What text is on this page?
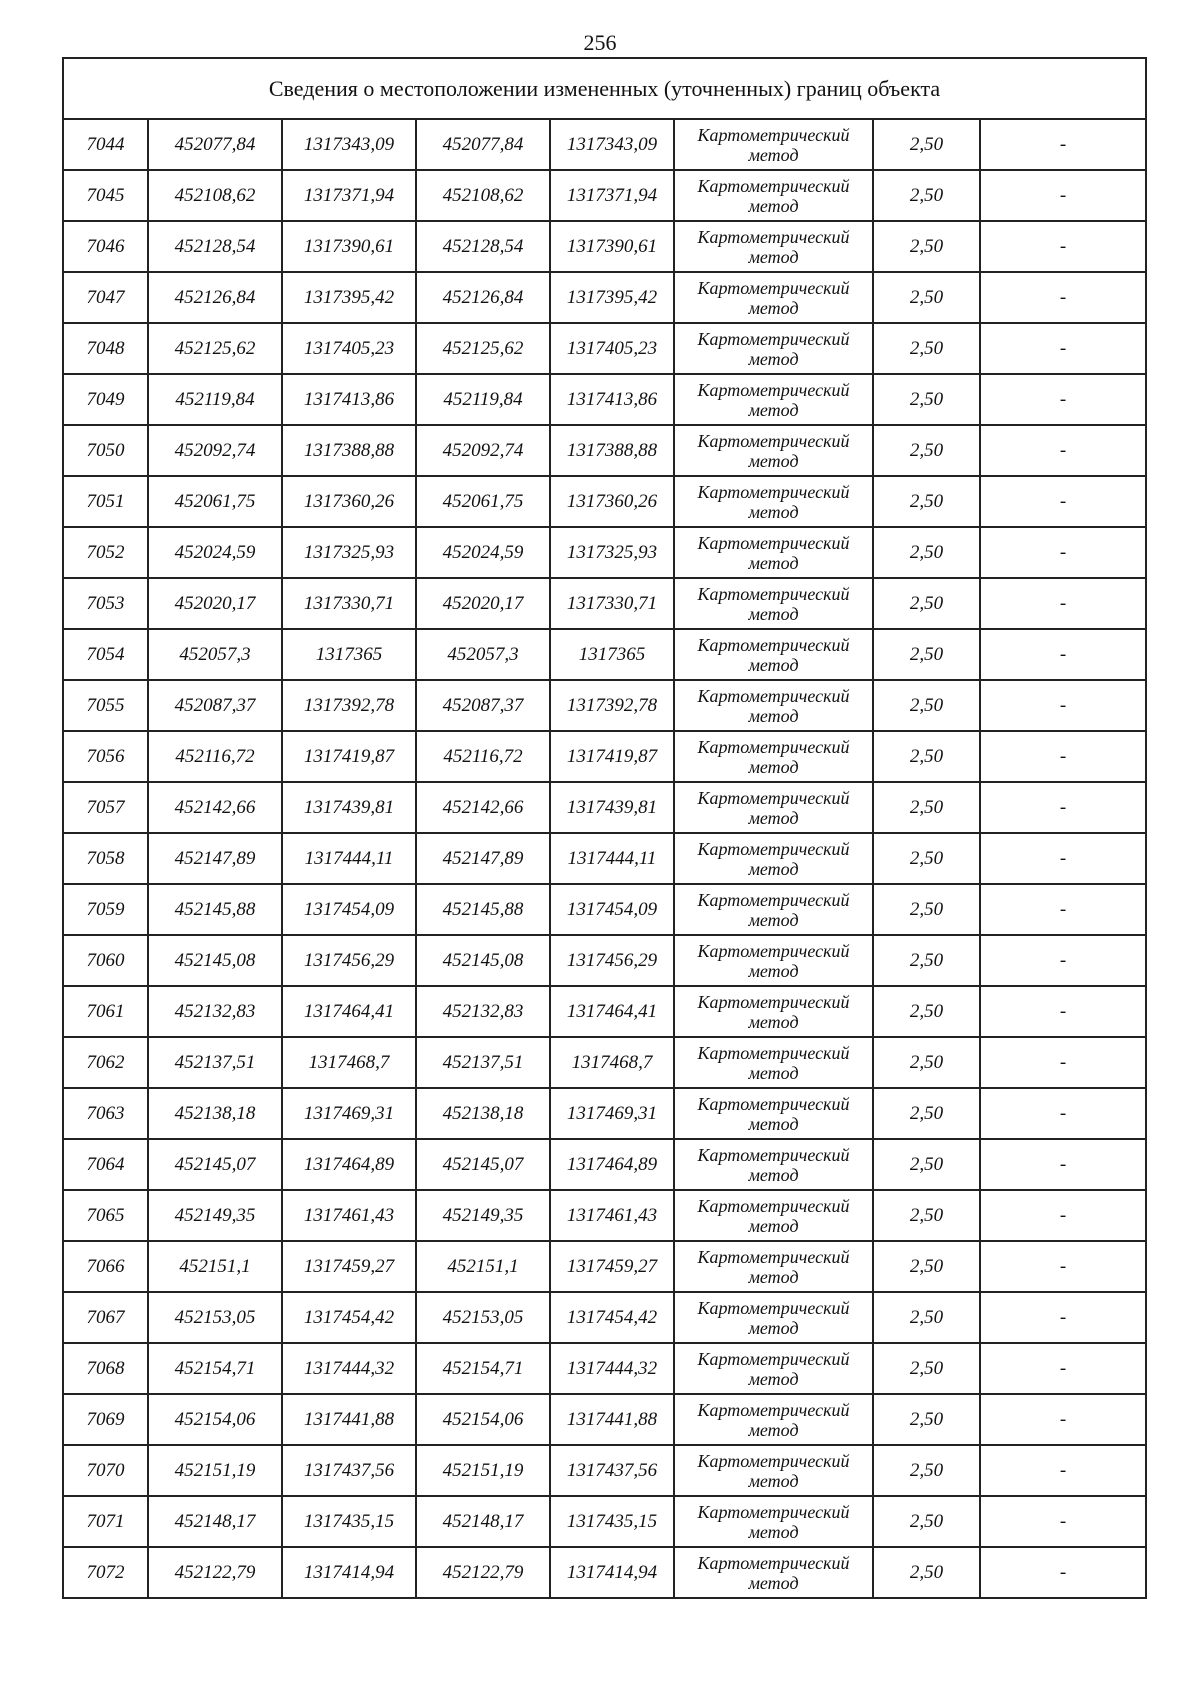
256
Сведения о местоположении измененных (уточненных) границ объекта							
7044	452077,84	1317343,09	452077,84	1317343,09	Картометрический метод	2,50	-
7045	452108,62	1317371,94	452108,62	1317371,94	Картометрический метод	2,50	-
7046	452128,54	1317390,61	452128,54	1317390,61	Картометрический метод	2,50	-
7047	452126,84	1317395,42	452126,84	1317395,42	Картометрический метод	2,50	-
7048	452125,62	1317405,23	452125,62	1317405,23	Картометрический метод	2,50	-
7049	452119,84	1317413,86	452119,84	1317413,86	Картометрический метод	2,50	-
7050	452092,74	1317388,88	452092,74	1317388,88	Картометрический метод	2,50	-
7051	452061,75	1317360,26	452061,75	1317360,26	Картометрический метод	2,50	-
7052	452024,59	1317325,93	452024,59	1317325,93	Картометрический метод	2,50	-
7053	452020,17	1317330,71	452020,17	1317330,71	Картометрический метод	2,50	-
7054	452057,3	1317365	452057,3	1317365	Картометрический метод	2,50	-
7055	452087,37	1317392,78	452087,37	1317392,78	Картометрический метод	2,50	-
7056	452116,72	1317419,87	452116,72	1317419,87	Картометрический метод	2,50	-
7057	452142,66	1317439,81	452142,66	1317439,81	Картометрический метод	2,50	-
7058	452147,89	1317444,11	452147,89	1317444,11	Картометрический метод	2,50	-
7059	452145,88	1317454,09	452145,88	1317454,09	Картометрический метод	2,50	-
7060	452145,08	1317456,29	452145,08	1317456,29	Картометрический метод	2,50	-
7061	452132,83	1317464,41	452132,83	1317464,41	Картометрический метод	2,50	-
7062	452137,51	1317468,7	452137,51	1317468,7	Картометрический метод	2,50	-
7063	452138,18	1317469,31	452138,18	1317469,31	Картометрический метод	2,50	-
7064	452145,07	1317464,89	452145,07	1317464,89	Картометрический метод	2,50	-
7065	452149,35	1317461,43	452149,35	1317461,43	Картометрический метод	2,50	-
7066	452151,1	1317459,27	452151,1	1317459,27	Картометрический метод	2,50	-
7067	452153,05	1317454,42	452153,05	1317454,42	Картометрический метод	2,50	-
7068	452154,71	1317444,32	452154,71	1317444,32	Картометрический метод	2,50	-
7069	452154,06	1317441,88	452154,06	1317441,88	Картометрический метод	2,50	-
7070	452151,19	1317437,56	452151,19	1317437,56	Картометрический метод	2,50	-
7071	452148,17	1317435,15	452148,17	1317435,15	Картометрический метод	2,50	-
7072	452122,79	1317414,94	452122,79	1317414,94	Картометрический метод	2,50	-
